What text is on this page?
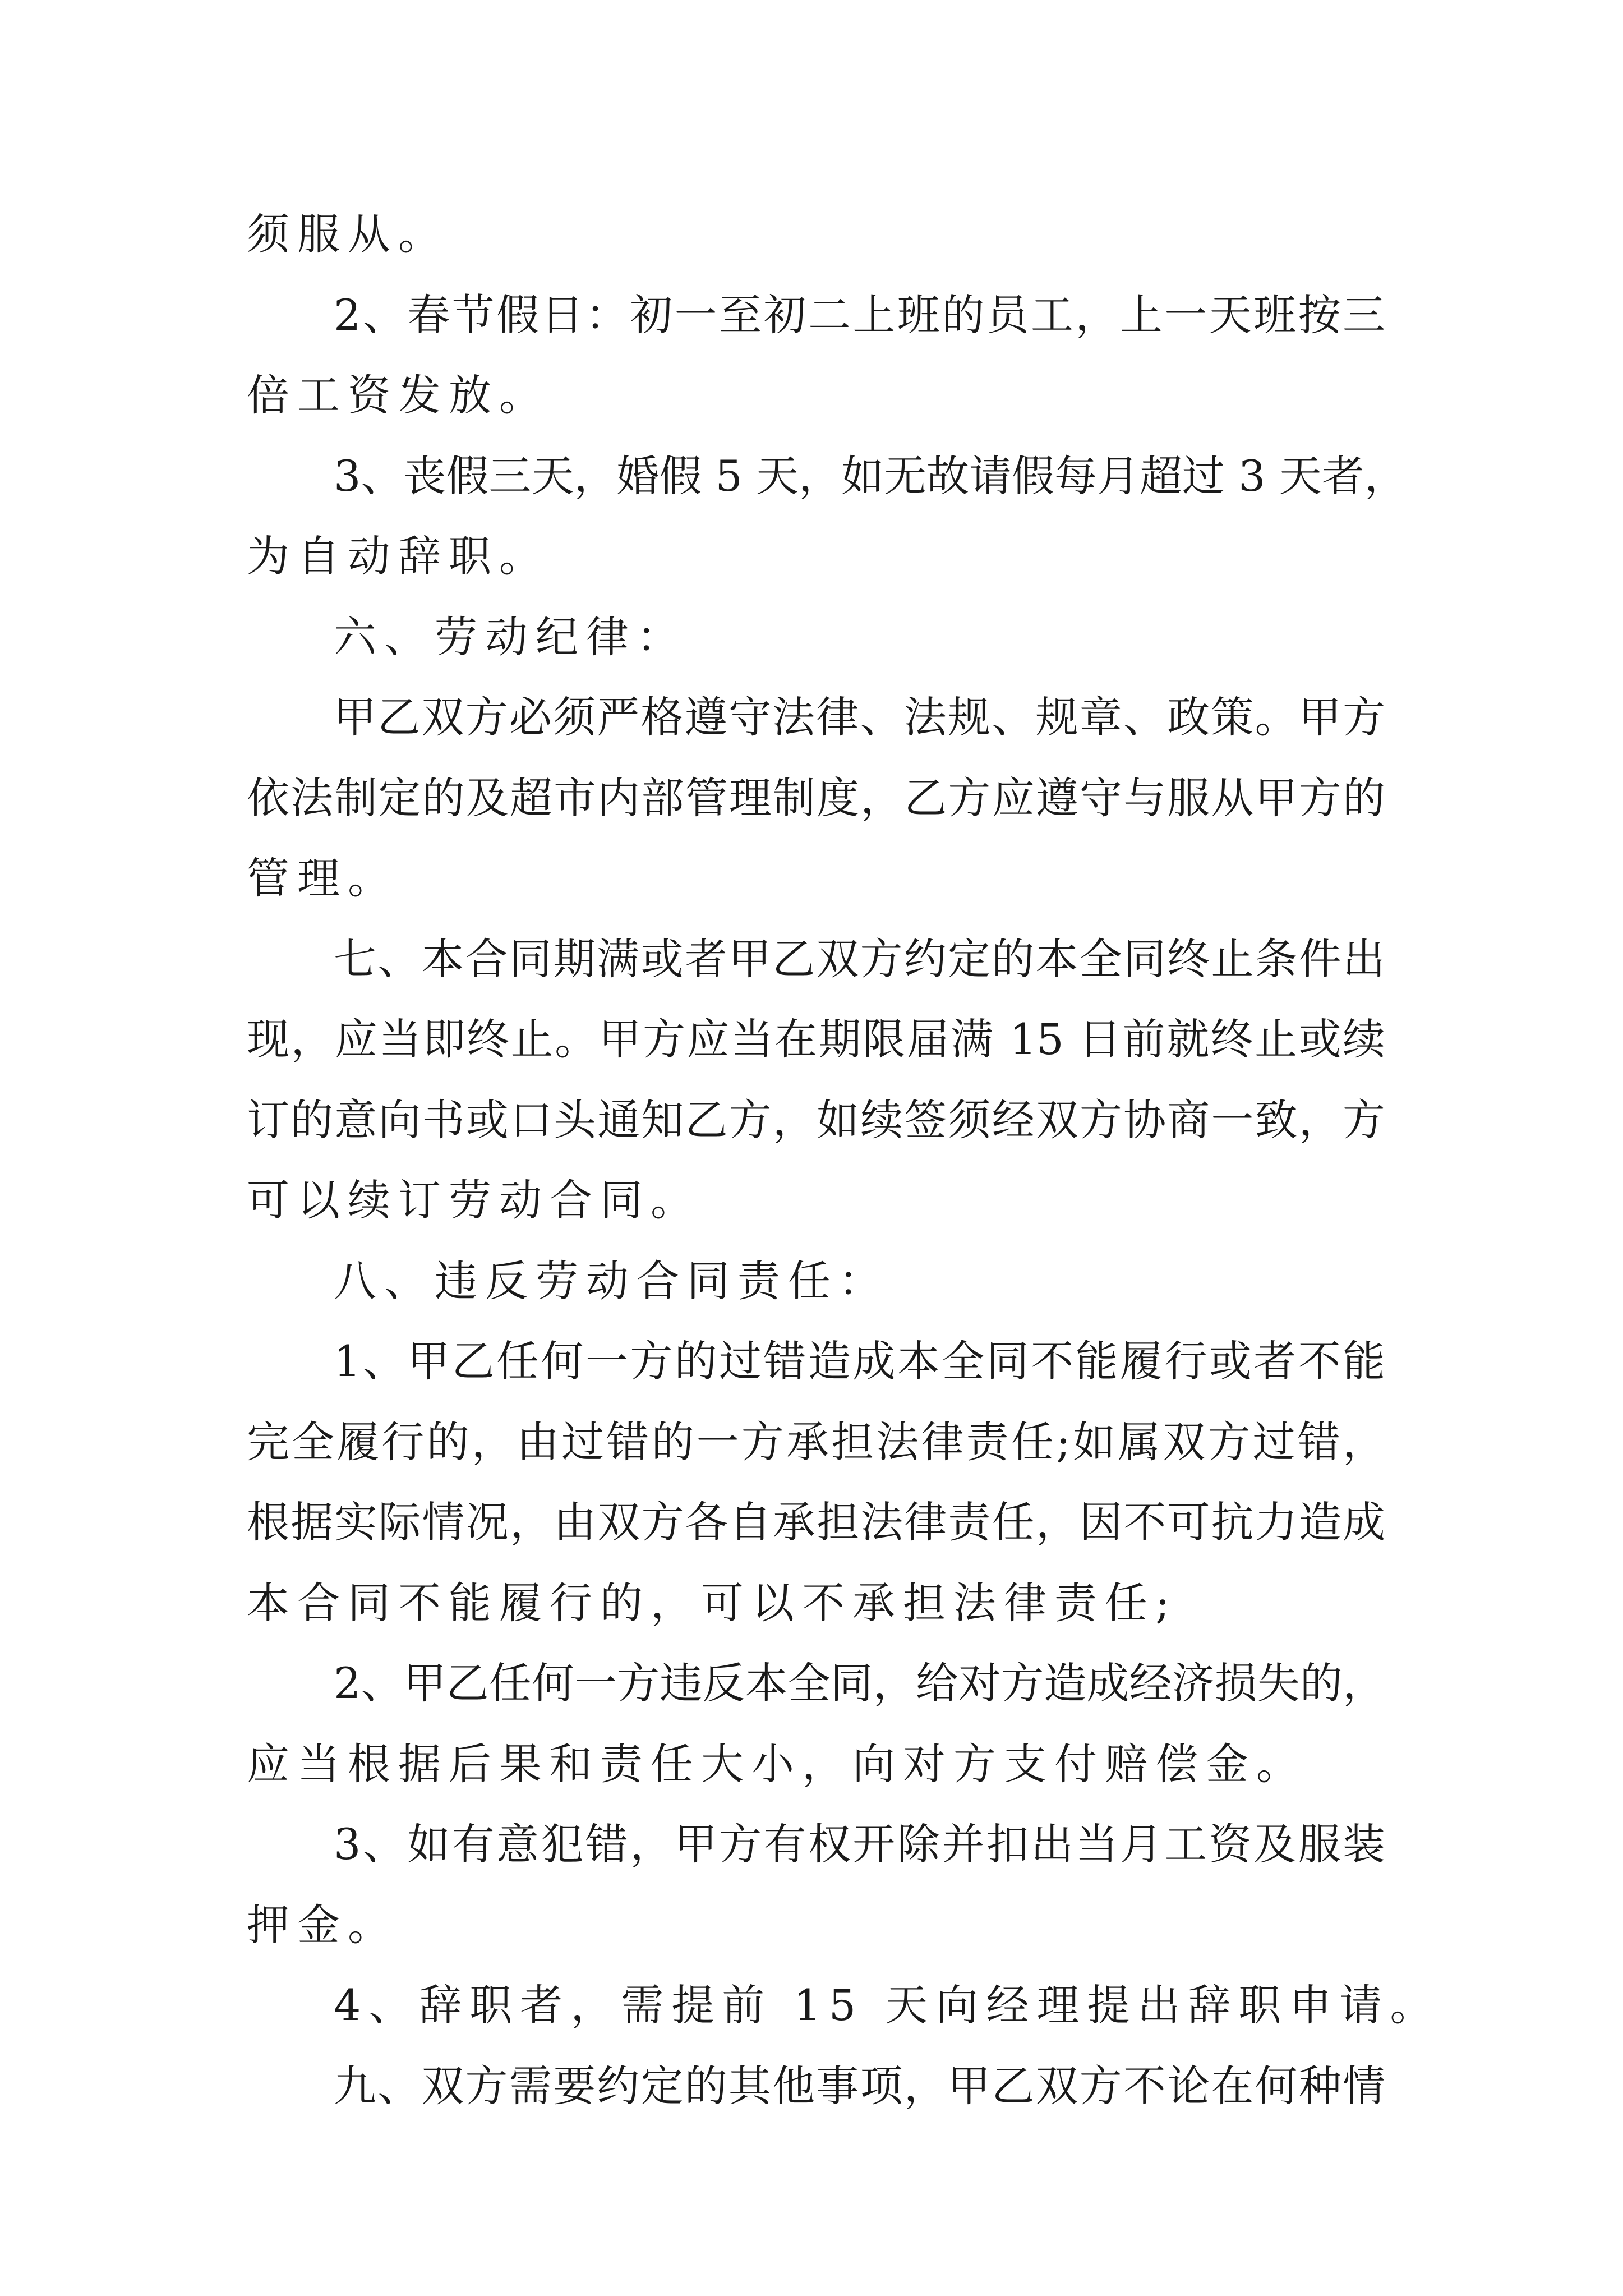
须服从。
2、春节假日：初一至初二上班的员工，上一天班按三
倍工资发放。
3、丧假三天，婚假 5 天，如无故请假每月超过 3 天者，
为自动辞职。
六、劳动纪律：
甲乙双方必须严格遵守法律、法规、规章、政策。甲方
依法制定的及超市内部管理制度，乙方应遵守与服从甲方的
管理。
七、本合同期满或者甲乙双方约定的本全同终止条件出
现，应当即终止。甲方应当在期限届满 15 日前就终止或续
订的意向书或口头通知乙方，如续签须经双方协商一致，方
可以续订劳动合同。
八、违反劳动合同责任：
1、甲乙任何一方的过错造成本全同不能履行或者不能
完全履行的，由过错的一方承担法律责任;如属双方过错，
根据实际情况，由双方各自承担法律责任，因不可抗力造成
本合同不能履行的，可以不承担法律责任;
2、甲乙任何一方违反本全同，给对方造成经济损失的，
应当根据后果和责任大小，向对方支付赔偿金。
3、如有意犯错，甲方有权开除并扣出当月工资及服装
押金。
4、辞职者，需提前 15 天向经理提出辞职申请。
九、双方需要约定的其他事项，甲乙双方不论在何种情
